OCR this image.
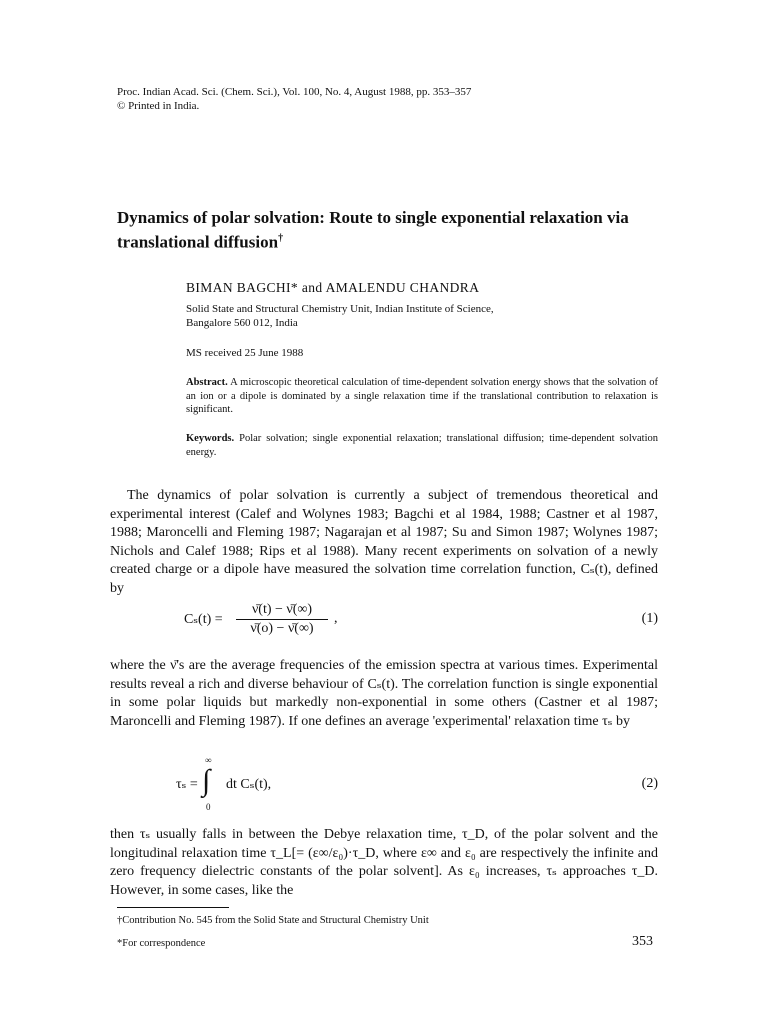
Proc. Indian Acad. Sci. (Chem. Sci.), Vol. 100, No. 4, August 1988, pp. 353–357
© Printed in India.
Dynamics of polar solvation: Route to single exponential relaxation via translational diffusion†
BIMAN BAGCHI* and AMALENDU CHANDRA
Solid State and Structural Chemistry Unit, Indian Institute of Science,
Bangalore 560 012, India
MS received 25 June 1988
Abstract. A microscopic theoretical calculation of time-dependent solvation energy shows that the solvation of an ion or a dipole is dominated by a single relaxation time if the translational contribution to relaxation is significant.
Keywords. Polar solvation; single exponential relaxation; translational diffusion; time-dependent solvation energy.
The dynamics of polar solvation is currently a subject of tremendous theoretical and experimental interest (Calef and Wolynes 1983; Bagchi et al 1984, 1988; Castner et al 1987, 1988; Maroncelli and Fleming 1987; Nagarajan et al 1987; Su and Simon 1987; Wolynes 1987; Nichols and Calef 1988; Rips et al 1988). Many recent experiments on solvation of a newly created charge or a dipole have measured the solvation time correlation function, Cₛ(t), defined by
$C_s(t) = \frac{\nū(t) - \nū(\infty)}{\nū(o) - \nū(\infty)}$ ,	(1)
where the ν̄'s are the average frequencies of the emission spectra at various times. Experimental results reveal a rich and diverse behaviour of Cₛ(t). The correlation function is single exponential in some polar liquids but markedly non-exponential in some others (Castner et al 1987; Maroncelli and Fleming 1987). If one defines an average 'experimental' relaxation time τₛ by
τₛ =
∞
∫
0
dt Cₛ(t),	(2)
then τₛ usually falls in between the Debye relaxation time, τ_D, of the polar solvent and the longitudinal relaxation time τ_L[= (ε∞/ε₀)·τ_D, where ε∞ and ε₀ are respectively the infinite and zero frequency dielectric constants of the polar solvent]. As ε₀ increases, τₛ approaches τ_D. However, in some cases, like the
†Contribution No. 545 from the Solid State and Structural Chemistry Unit
*For correspondence	353
